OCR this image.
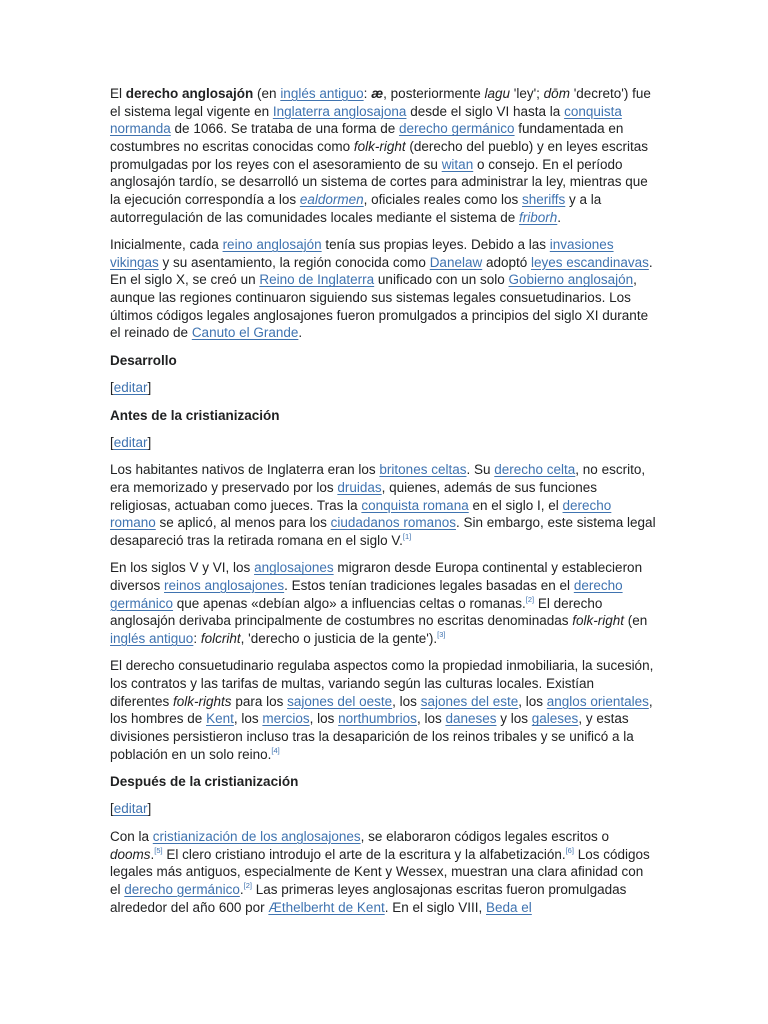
El derecho anglosajón (en inglés antiguo: æ, posteriormente lagu 'ley'; dōm 'decreto') fue el sistema legal vigente en Inglaterra anglosajona desde el siglo VI hasta la conquista normanda de 1066. Se trataba de una forma de derecho germánico fundamentada en costumbres no escritas conocidas como folk-right (derecho del pueblo) y en leyes escritas promulgadas por los reyes con el asesoramiento de su witan o consejo. En el período anglosajón tardío, se desarrolló un sistema de cortes para administrar la ley, mientras que la ejecución correspondía a los ealdormen, oficiales reales como los sheriffs y a la autorregulación de las comunidades locales mediante el sistema de friborh.

Inicialmente, cada reino anglosajón tenía sus propias leyes. Debido a las invasiones vikingas y su asentamiento, la región conocida como Danelaw adoptó leyes escandinavas. En el siglo X, se creó un Reino de Inglaterra unificado con un solo Gobierno anglosajón, aunque las regiones continuaron siguiendo sus sistemas legales consuetudinarios. Los últimos códigos legales anglosajones fueron promulgados a principios del siglo XI durante el reinado de Canuto el Grande.

Desarrollo
[editar]
Antes de la cristianización
[editar]

Los habitantes nativos de Inglaterra eran los britones celtas. Su derecho celta, no escrito, era memorizado y preservado por los druidas, quienes, además de sus funciones religiosas, actuaban como jueces. Tras la conquista romana en el siglo I, el derecho romano se aplicó, al menos para los ciudadanos romanos. Sin embargo, este sistema legal desapareció tras la retirada romana en el siglo V.[1]

En los siglos V y VI, los anglosajones migraron desde Europa continental y establecieron diversos reinos anglosajones. Estos tenían tradiciones legales basadas en el derecho germánico que apenas «debían algo» a influencias celtas o romanas.[2] El derecho anglosajón derivaba principalmente de costumbres no escritas denominadas folk-right (en inglés antiguo: folcriht, 'derecho o justicia de la gente').[3]

El derecho consuetudinario regulaba aspectos como la propiedad inmobiliaria, la sucesión, los contratos y las tarifas de multas, variando según las culturas locales. Existían diferentes folk-rights para los sajones del oeste, los sajones del este, los anglos orientales, los hombres de Kent, los mercios, los northumbrios, los daneses y los galeses, y estas divisiones persistieron incluso tras la desaparición de los reinos tribales y se unificó a la población en un solo reino.[4]

Después de la cristianización
[editar]

Con la cristianización de los anglosajones, se elaboraron códigos legales escritos o dooms.[5] El clero cristiano introdujo el arte de la escritura y la alfabetización.[6] Los códigos legales más antiguos, especialmente de Kent y Wessex, muestran una clara afinidad con el derecho germánico.[2] Las primeras leyes anglosajonas escritas fueron promulgadas alrededor del año 600 por Æthelberht de Kent. En el siglo VIII, Beda el
